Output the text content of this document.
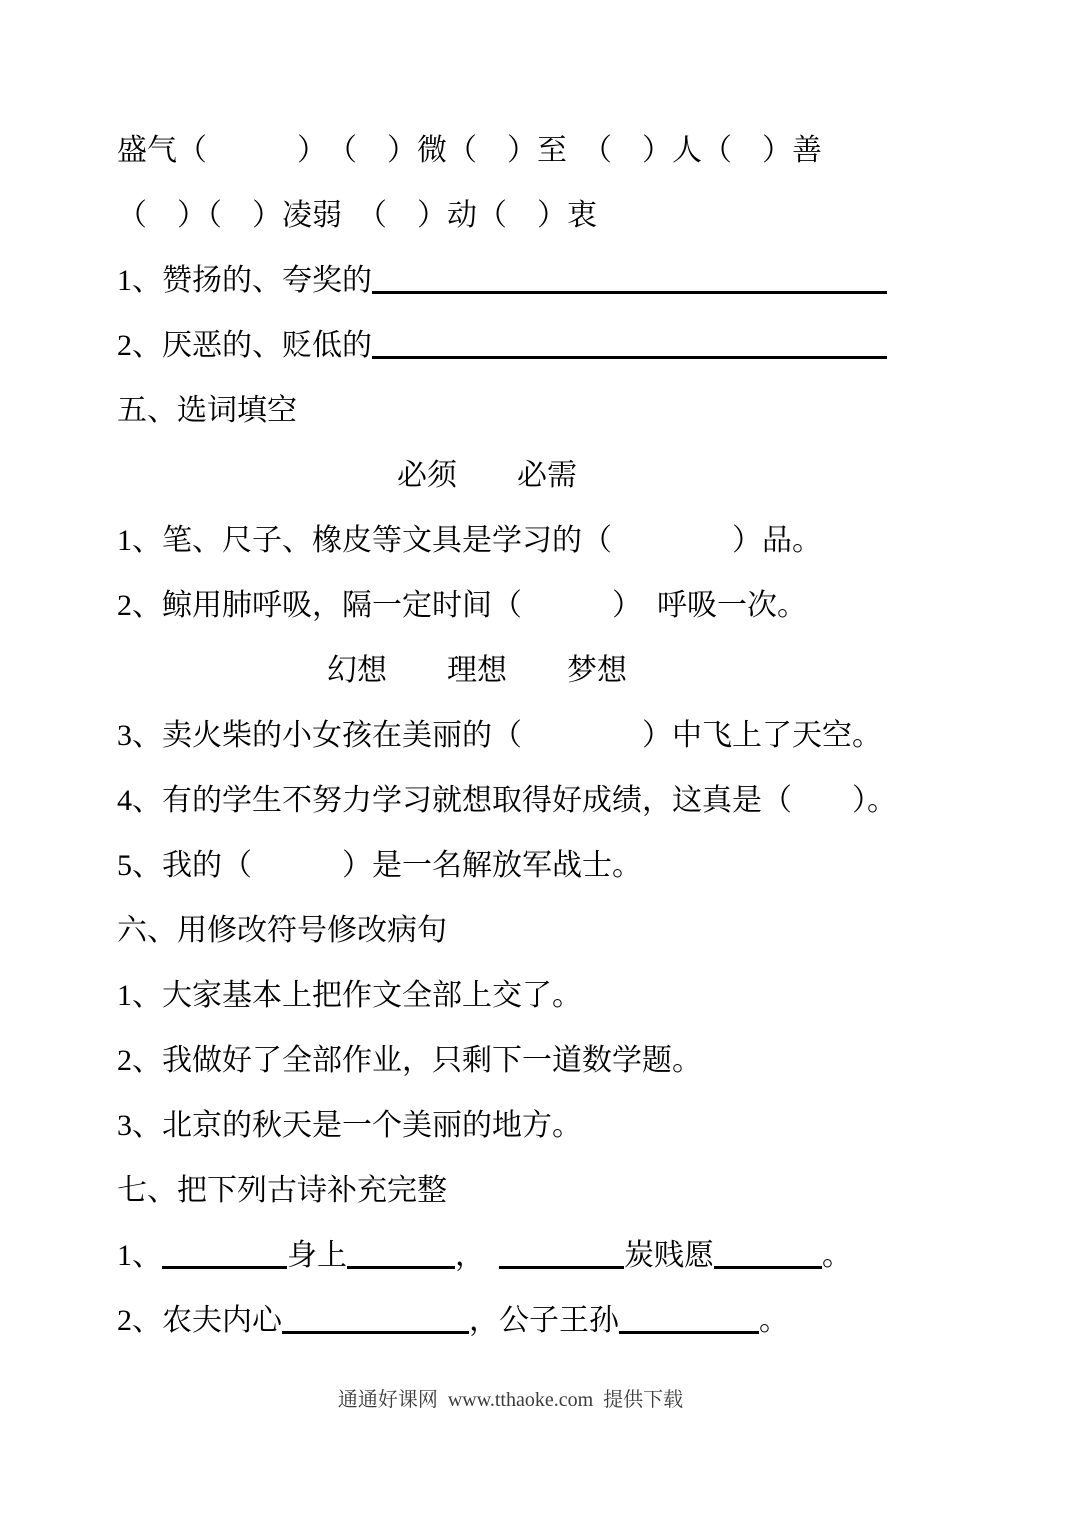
盛气（　　　）　（　）微（　）至　（　）人（　）善
（　）（　）凌弱　（　）动（　）衷
1、赞扬的、夸奖的
2、厌恶的、贬低的
五、选词填空
必须　　必需
1、笔、尺子、橡皮等文具是学习的（　　　　）品。
2、鲸用肺呼吸，隔一定时间（　　　）　呼吸一次。
幻想　　理想　　梦想
3、卖火柴的小女孩在美丽的（　　　　）中飞上了天空。
4、有的学生不努力学习就想取得好成绩，这真是（　　）。
5、我的（　　　）是一名解放军战士。
六、用修改符号修改病句
1、大家基本上把作文全部上交了。
2、我做好了全部作业，只剩下一道数学题。
3、北京的秋天是一个美丽的地方。
七、把下列古诗补充完整
1、	身上	，	炭贱愿	。
2、农夫内心	，公子王孙	。
通通好课网  www.tthaoke.com  提供下载
